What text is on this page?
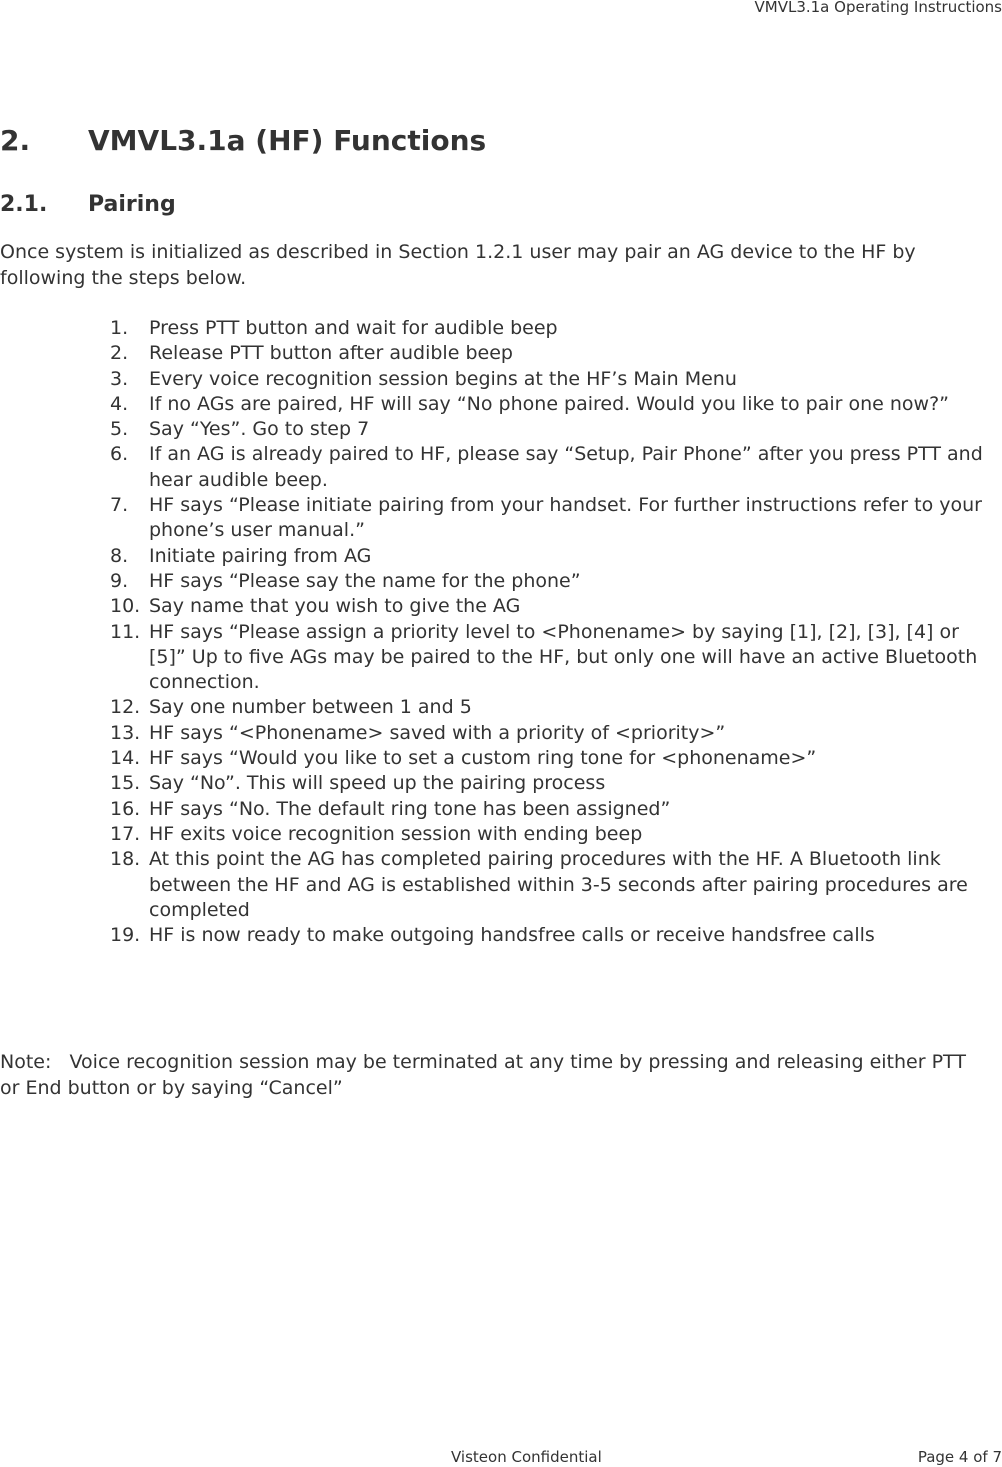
VMVL3.1a Operating Instructions
2. VMVL3.1a (HF) Functions
2.1. Pairing

Once system is initialized as described in Section 1.2.1 user may pair an AG device to the HF by following the steps below.

1.	Press PTT button and wait for audible beep
2.	Release PTT button after audible beep
3.	Every voice recognition session begins at the HF’s Main Menu
4.	If no AGs are paired, HF will say “No phone paired. Would you like to pair one now?”
5.	Say “Yes”. Go to step 7
6.	If an AG is already paired to HF, please say “Setup, Pair Phone” after you press PTT and hear audible beep.
7.	HF says “Please initiate pairing from your handset. For further instructions refer to your phone’s user manual.”
8.	Initiate pairing from AG
9.	HF says “Please say the name for the phone”
10. Say name that you wish to give the AG
11. HF says “Please assign a priority level to <Phonename> by saying [1], [2], [3], [4] or [5]” Up to five AGs may be paired to the HF, but only one will have an active Bluetooth connection.
12. Say one number between 1 and 5
13. HF says “<Phonename> saved with a priority of <priority>”
14. HF says “Would you like to set a custom ring tone for <phonename>”
15. Say “No”. This will speed up the pairing process
16. HF says “No. The default ring tone has been assigned”
17. HF exits voice recognition session with ending beep
18. At this point the AG has completed pairing procedures with the HF. A Bluetooth link between the HF and AG is established within 3-5 seconds after pairing procedures are completed
19. HF is now ready to make outgoing handsfree calls or receive handsfree calls

Note: Voice recognition session may be terminated at any time by pressing and releasing either PTT or End button or by saying “Cancel”

Visteon Confidential	Page 4 of 7
